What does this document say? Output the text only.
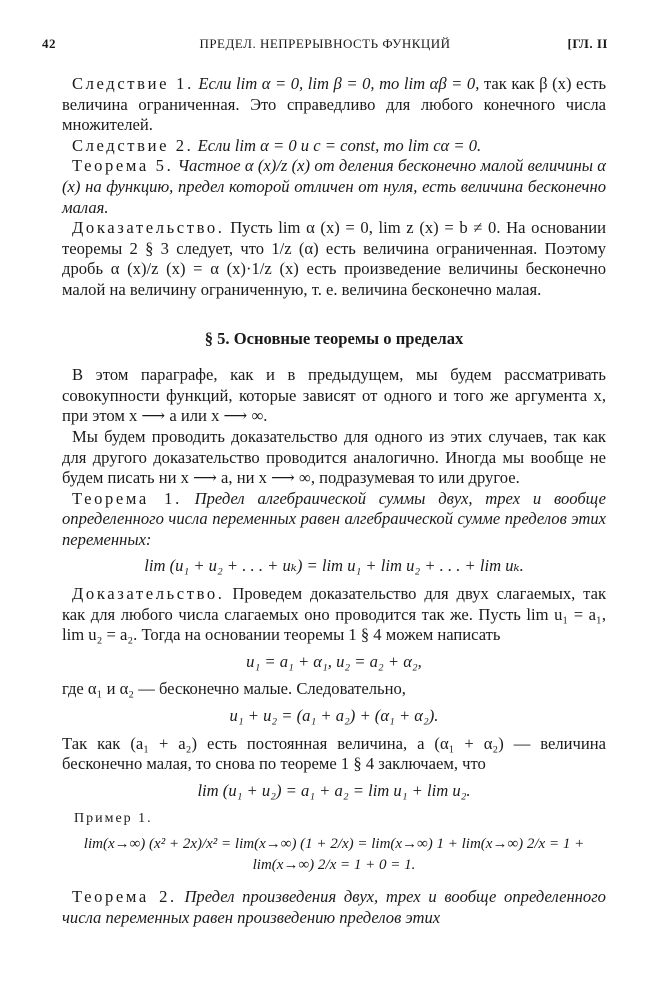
42	ПРЕДЕЛ. НЕПРЕРЫВНОСТЬ ФУНКЦИЙ	[ГЛ. II

Следствие 1. Если lim α = 0, lim β = 0, то lim αβ = 0, так как β (x) есть величина ограниченная. Это справедливо для любого конечного числа множителей.

Следствие 2. Если lim α = 0 и c = const, то lim cα = 0.

Теорема 5. Частное α (x)/z (x) от деления бесконечно малой величины α (x) на функцию, предел которой отличен от нуля, есть величина бесконечно малая.

Доказательство. Пусть lim α (x) = 0, lim z (x) = b ≠ 0. На основании теоремы 2 § 3 следует, что 1/z (α) есть величина ограниченная. Поэтому дробь α (x)/z (x) = α (x)·1/z (x) есть произведение величины бесконечно малой на величину ограниченную, т. е. величина бесконечно малая.

§ 5. Основные теоремы о пределах

В этом параграфе, как и в предыдущем, мы будем рассматривать совокупности функций, которые зависят от одного и того же аргумента x, при этом x ⟶ a или x ⟶ ∞.

Мы будем проводить доказательство для одного из этих случаев, так как для другого доказательство проводится аналогично. Иногда мы вообще не будем писать ни x ⟶ a, ни x ⟶ ∞, подразумевая то или другое.

Теорема 1. Предел алгебраической суммы двух, трех и вообще определенного числа переменных равен алгебраической сумме пределов этих переменных:

lim (u₁ + u₂ + . . . + uₖ) = lim u₁ + lim u₂ + . . . + lim uₖ.

Доказательство. Проведем доказательство для двух слагаемых, так как для любого числа слагаемых оно проводится так же. Пусть lim u₁ = a₁, lim u₂ = a₂. Тогда на основании теоремы 1 § 4 можем написать

u₁ = a₁ + α₁, u₂ = a₂ + α₂,

где α₁ и α₂ — бесконечно малые. Следовательно,

u₁ + u₂ = (a₁ + a₂) + (α₁ + α₂).

Так как (a₁ + a₂) есть постоянная величина, а (α₁ + α₂) — величина бесконечно малая, то снова по теореме 1 § 4 заключаем, что

lim (u₁ + u₂) = a₁ + a₂ = lim u₁ + lim u₂.
Пример 1.
lim(x→∞) (x² + 2x)/x² = lim(x→∞) (1 + 2/x) = lim(x→∞) 1 + lim(x→∞) 2/x = 1 + lim(x→∞) 2/x = 1 + 0 = 1.

Теорема 2. Предел произведения двух, трех и вообще определенного числа переменных равен произведению пределов этих
